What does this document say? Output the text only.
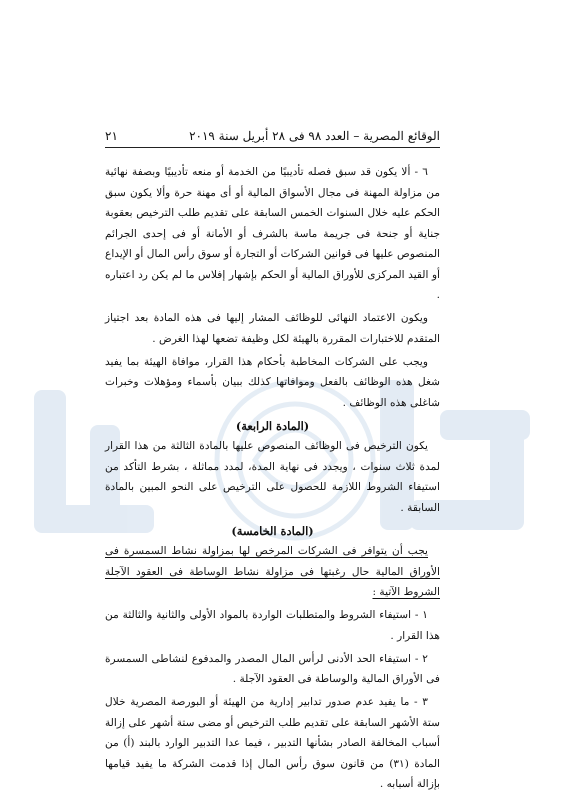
الوقائع المصرية – العدد ٩٨ فى ٢٨ أبريل سنة ٢٠١٩
٢١

٦ - ألا يكون قد سبق فصله تأديبيًا من الخدمة أو منعه تأديبيًا وبصفة نهائية من مزاولة المهنة فى مجال الأسواق المالية أو أى مهنة حرة وألا يكون سبق الحكم عليه خلال السنوات الخمس السابقة على تقديم طلب الترخيص بعقوبة جناية أو جنحة فى جريمة ماسة بالشرف أو الأمانة أو فى إحدى الجرائم المنصوص عليها فى قوانين الشركات أو التجارة أو سوق رأس المال أو الإيداع أو القيد المركزى للأوراق المالية أو الحكم بإشهار إفلاس ما لم يكن رد اعتباره .

ويكون الاعتماد النهائى للوظائف المشار إليها فى هذه المادة بعد اجتياز المتقدم للاختبارات المقررة بالهيئة لكل وظيفة تضعها لهذا الغرض .

ويجب على الشركات المخاطبة بأحكام هذا القرار، موافاة الهيئة بما يفيد شغل هذه الوظائف بالفعل وموافاتها كذلك ببيان بأسماء ومؤهلات وخبرات شاغلى هذه الوظائف .

(المادة الرابعة)

يكون الترخيص فى الوظائف المنصوص عليها بالمادة الثالثة من هذا القرار لمدة ثلاث سنوات ، ويجدد فى نهاية المدة، لمدد مماثلة ، بشرط التأكد من استيفاء الشروط اللازمة للحصول على الترخيص على النحو المبين بالمادة السابقة .

(المادة الخامسة)

يجب أن يتوافر فى الشركات المرخص لها بمزاولة نشاط السمسرة فى الأوراق المالية حال رغبتها فى مزاولة نشاط الوساطة فى العقود الآجلة الشروط الآتية :

١ - استيفاء الشروط والمتطلبات الواردة بالمواد الأولى والثانية والثالثة من هذا القرار .

٢ - استيفاء الحد الأدنى لرأس المال المصدر والمدفوع لنشاطى السمسرة فى الأوراق المالية والوساطة فى العقود الآجلة .

٣ - ما يفيد عدم صدور تدابير إدارية من الهيئة أو البورصة المصرية خلال ستة الأشهر السابقة على تقديم طلب الترخيص أو مضى ستة أشهر على إزالة أسباب المخالفة الصادر بشأنها التدبير ، فيما عدا التدبير الوارد بالبند (أ) من المادة (٣١) من قانون سوق رأس المال إذا قدمت الشركة ما يفيد قيامها بإزالة أسبابه .
